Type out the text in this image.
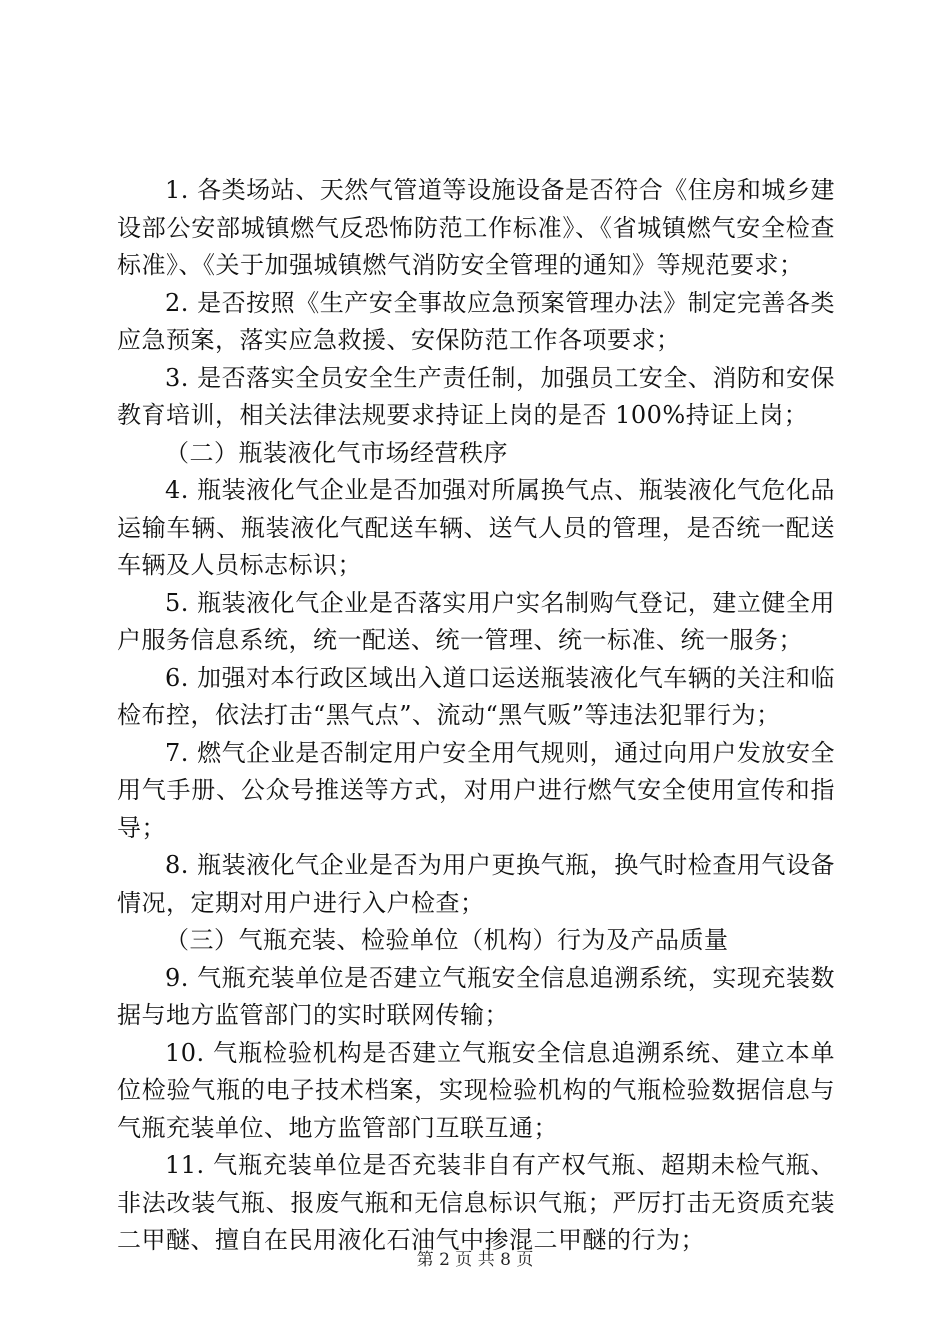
1. 各类场站、天然气管道等设施设备是否符合《住房和城乡建设部公安部城镇燃气反恐怖防范工作标准》、《省城镇燃气安全检查标准》、《关于加强城镇燃气消防安全管理的通知》等规范要求；

2. 是否按照《生产安全事故应急预案管理办法》制定完善各类应急预案，落实应急救援、安保防范工作各项要求；

3. 是否落实全员安全生产责任制，加强员工安全、消防和安保教育培训，相关法律法规要求持证上岗的是否 100%持证上岗；

（二）瓶装液化气市场经营秩序

4. 瓶装液化气企业是否加强对所属换气点、瓶装液化气危化品运输车辆、瓶装液化气配送车辆、送气人员的管理，是否统一配送车辆及人员标志标识；

5. 瓶装液化气企业是否落实用户实名制购气登记，建立健全用户服务信息系统，统一配送、统一管理、统一标准、统一服务；

6. 加强对本行政区域出入道口运送瓶装液化气车辆的关注和临检布控，依法打击“黑气点”、流动“黑气贩”等违法犯罪行为；

7. 燃气企业是否制定用户安全用气规则，通过向用户发放安全用气手册、公众号推送等方式，对用户进行燃气安全使用宣传和指导；

8. 瓶装液化气企业是否为用户更换气瓶，换气时检查用气设备情况，定期对用户进行入户检查；

（三）气瓶充装、检验单位（机构）行为及产品质量

9. 气瓶充装单位是否建立气瓶安全信息追溯系统，实现充装数据与地方监管部门的实时联网传输；

10. 气瓶检验机构是否建立气瓶安全信息追溯系统、建立本单位检验气瓶的电子技术档案，实现检验机构的气瓶检验数据信息与气瓶充装单位、地方监管部门互联互通；

11. 气瓶充装单位是否充装非自有产权气瓶、超期未检气瓶、非法改装气瓶、报废气瓶和无信息标识气瓶；严厉打击无资质充装二甲醚、擅自在民用液化石油气中掺混二甲醚的行为；

第 2 页 共 8 页
